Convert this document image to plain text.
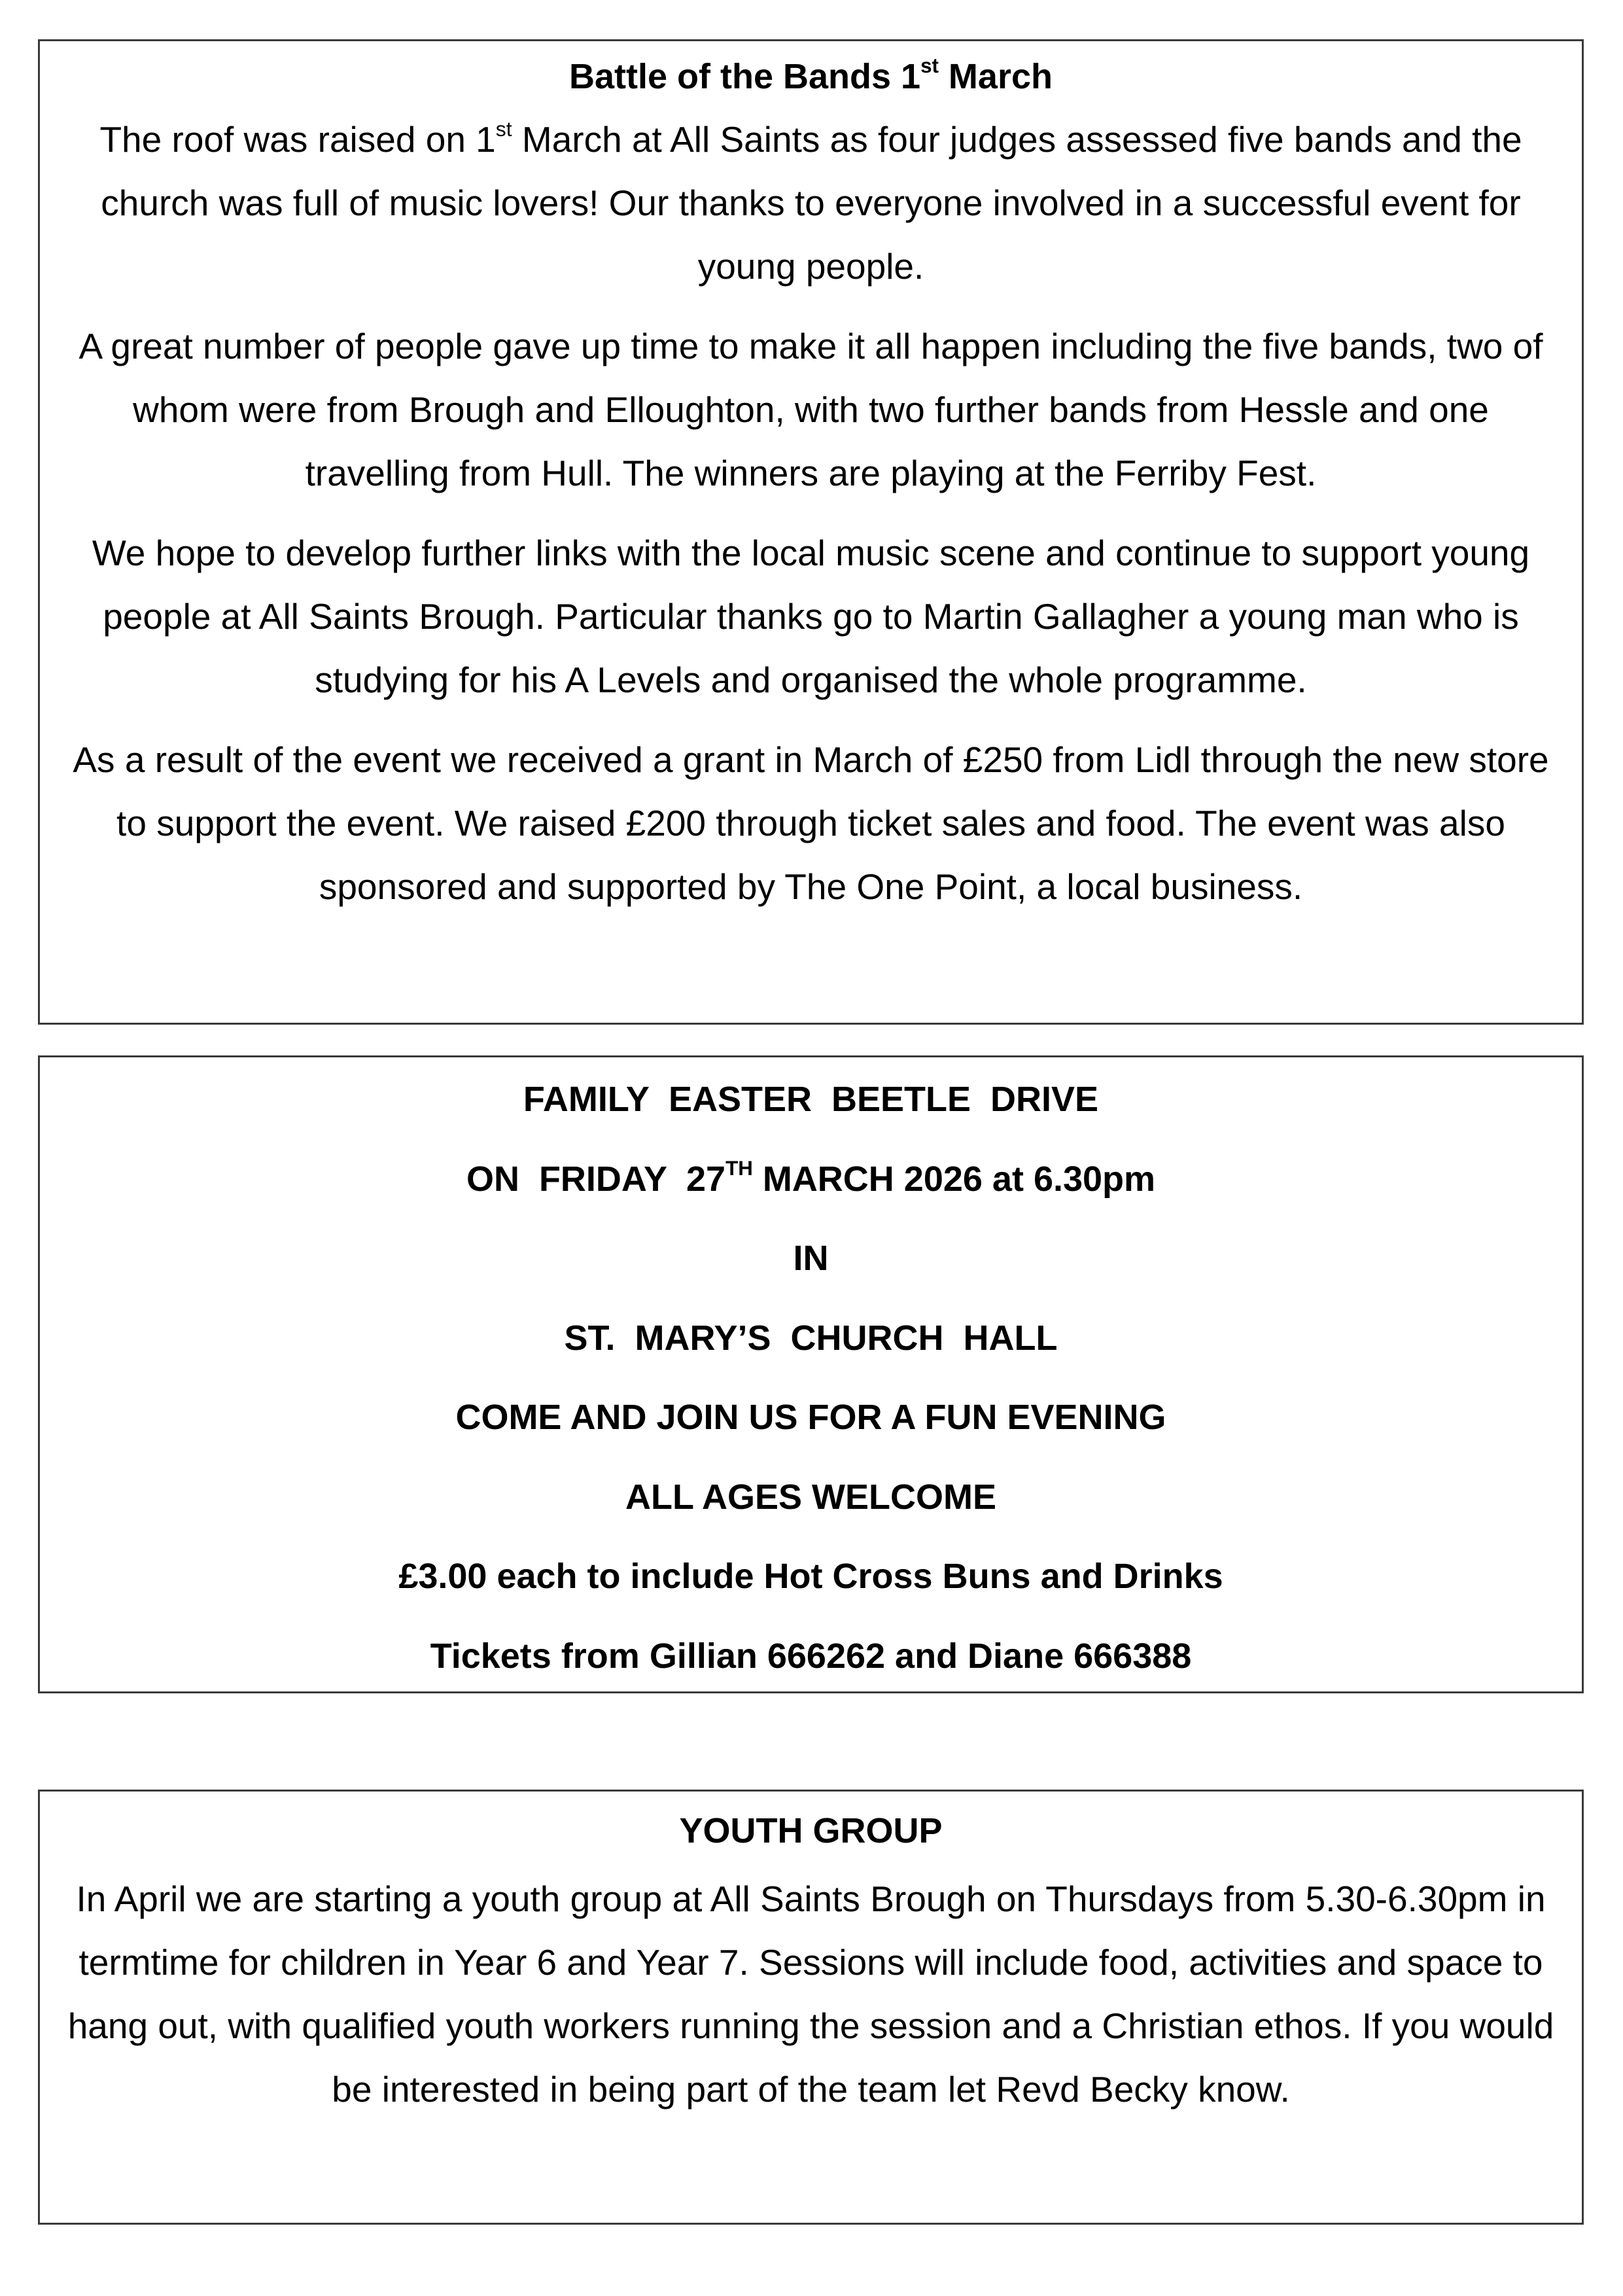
Battle of the Bands 1st March

The roof was raised on 1st March at All Saints as four judges assessed five bands and the church was full of music lovers! Our thanks to everyone involved in a successful event for young people.

A great number of people gave up time to make it all happen including the five bands, two of whom were from Brough and Elloughton, with two further bands from Hessle and one travelling from Hull. The winners are playing at the Ferriby Fest.

We hope to develop further links with the local music scene and continue to support young people at All Saints Brough. Particular thanks go to Martin Gallagher a young man who is studying for his A Levels and organised the whole programme.

As a result of the event we received a grant in March of £250 from Lidl through the new store to support the event. We raised £200 through ticket sales and food. The event was also sponsored and supported by The One Point, a local business.

FAMILY  EASTER  BEETLE  DRIVE

ON  FRIDAY  27TH MARCH 2026 at 6.30pm

IN

ST.  MARY’S  CHURCH  HALL

COME AND JOIN US FOR A FUN EVENING

ALL AGES WELCOME

£3.00 each to include Hot Cross Buns and Drinks

Tickets from Gillian 666262 and Diane 666388

YOUTH GROUP

In April we are starting a youth group at All Saints Brough on Thursdays from 5.30-6.30pm in termtime for children in Year 6 and Year 7. Sessions will include food, activities and space to hang out, with qualified youth workers running the session and a Christian ethos. If you would be interested in being part of the team let Revd Becky know.
